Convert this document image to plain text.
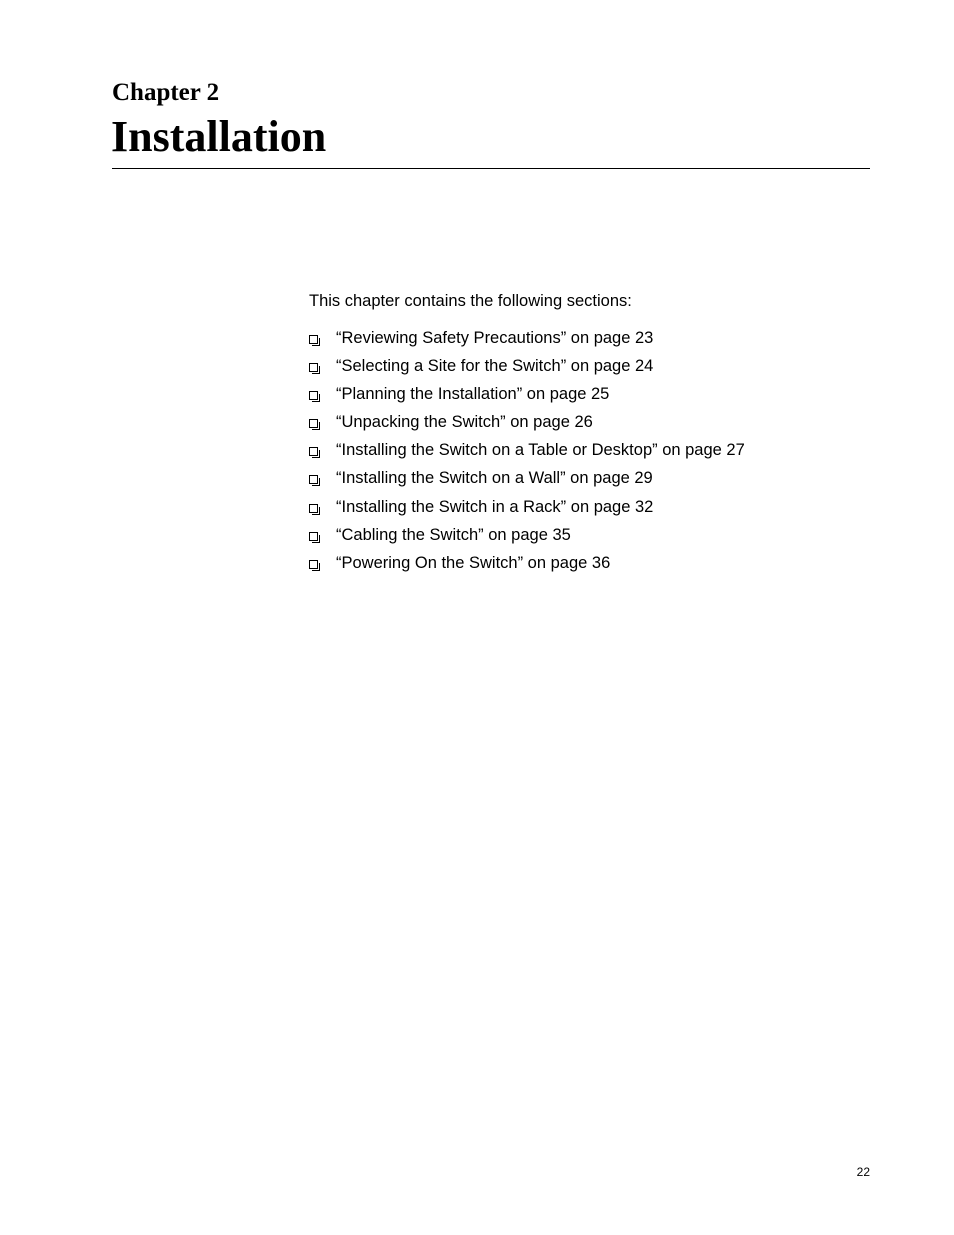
Chapter 2
Installation

This chapter contains the following sections:

“Reviewing Safety Precautions” on page 23
“Selecting a Site for the Switch” on page 24
“Planning the Installation” on page 25
“Unpacking the Switch” on page 26
“Installing the Switch on a Table or Desktop” on page 27
“Installing the Switch on a Wall” on page 29
“Installing the Switch in a Rack” on page 32
“Cabling the Switch” on page 35
“Powering On the Switch” on page 36
22
